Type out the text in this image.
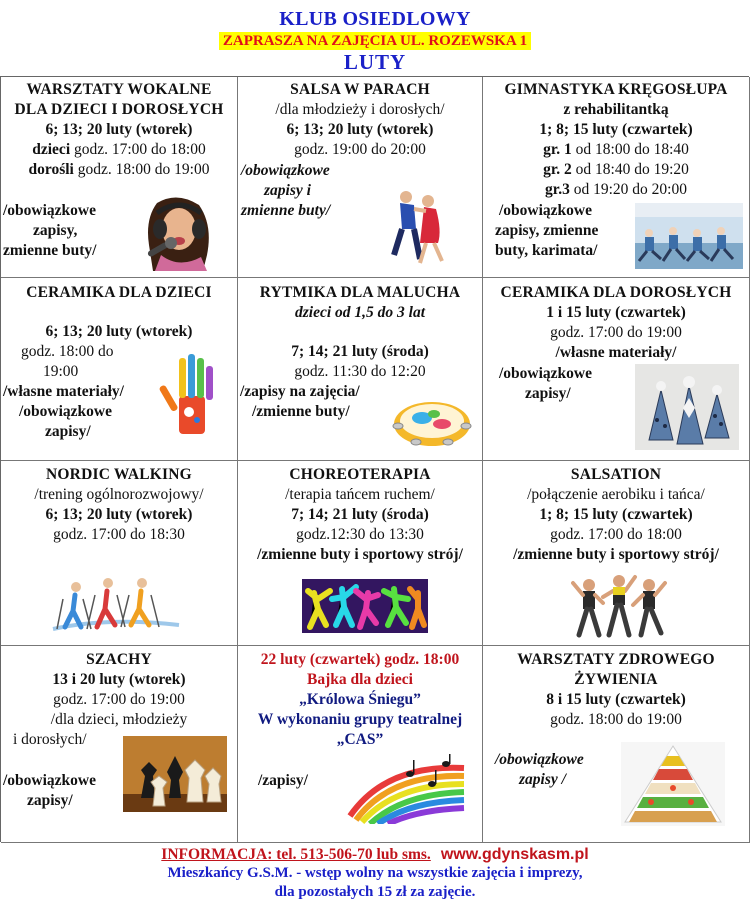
KLUB OSIEDLOWY
ZAPRASZA NA ZAJĘCIA UL. ROZEWSKA 1
LUTY
WARSZTATY WOKALNE
DLA DZIECI I DOROSŁYCH
6; 13; 20 luty (wtorek)
dzieci godz. 17:00 do 18:00
dorośli godz. 18:00 do 19:00
/obowiązkowe
zapisy,
zmienne buty/
SALSA W PARACH
/dla młodzieży i dorosłych/
6; 13; 20 luty (wtorek)
godz. 19:00 do 20:00
/obowiązkowe
zapisy i
zmienne buty/
GIMNASTYKA KRĘGOSŁUPA
z rehabilitantką
1; 8; 15 luty (czwartek)
gr. 1 od 18:00 do 18:40
gr. 2 od 18:40 do 19:20
gr.3 od 19:20 do 20:00
/obowiązkowe
zapisy, zmienne
buty, karimata/
CERAMIKA DLA DZIECI
6; 13; 20 luty (wtorek)
godz. 18:00 do
19:00
/własne materiały/
/obowiązkowe
zapisy/
RYTMIKA DLA MALUCHA
dzieci od 1,5 do 3 lat
7; 14; 21 luty (środa)
godz. 11:30 do 12:20
/zapisy na zajęcia/
/zmienne buty/
CERAMIKA DLA DOROSŁYCH
1 i 15 luty (czwartek)
godz. 17:00 do 19:00
/własne materiały/
/obowiązkowe
zapisy/
NORDIC WALKING
/trening ogólnorozwojowy/
6; 13; 20 luty (wtorek)
godz. 17:00 do 18:30
CHOREOTERAPIA
/terapia tańcem ruchem/
7; 14; 21 luty (środa)
godz.12:30 do 13:30
/zmienne buty i sportowy strój/
SALSATION
/połączenie aerobiku i tańca/
1; 8; 15 luty (czwartek)
godz. 17:00 do 18:00
/zmienne buty i sportowy strój/
SZACHY
13 i 20 luty (wtorek)
godz. 17:00 do 19:00
/dla dzieci, młodzieży
i dorosłych/
/obowiązkowe
zapisy/
22 luty (czwartek) godz. 18:00
Bajka dla dzieci
„Królowa Śniegu”
W wykonaniu grupy teatralnej
„CAS”
/zapisy/
WARSZTATY ZDROWEGO
ŻYWIENIA
8 i 15 luty (czwartek)
godz. 18:00 do 19:00
/obowiązkowe
zapisy /
INFORMACJA: tel. 513-506-70 lub sms. www.gdynskasm.pl
Mieszkańcy G.S.M. - wstęp wolny na wszystkie zajęcia i imprezy,
dla pozostałych 15 zł za zajęcie.
